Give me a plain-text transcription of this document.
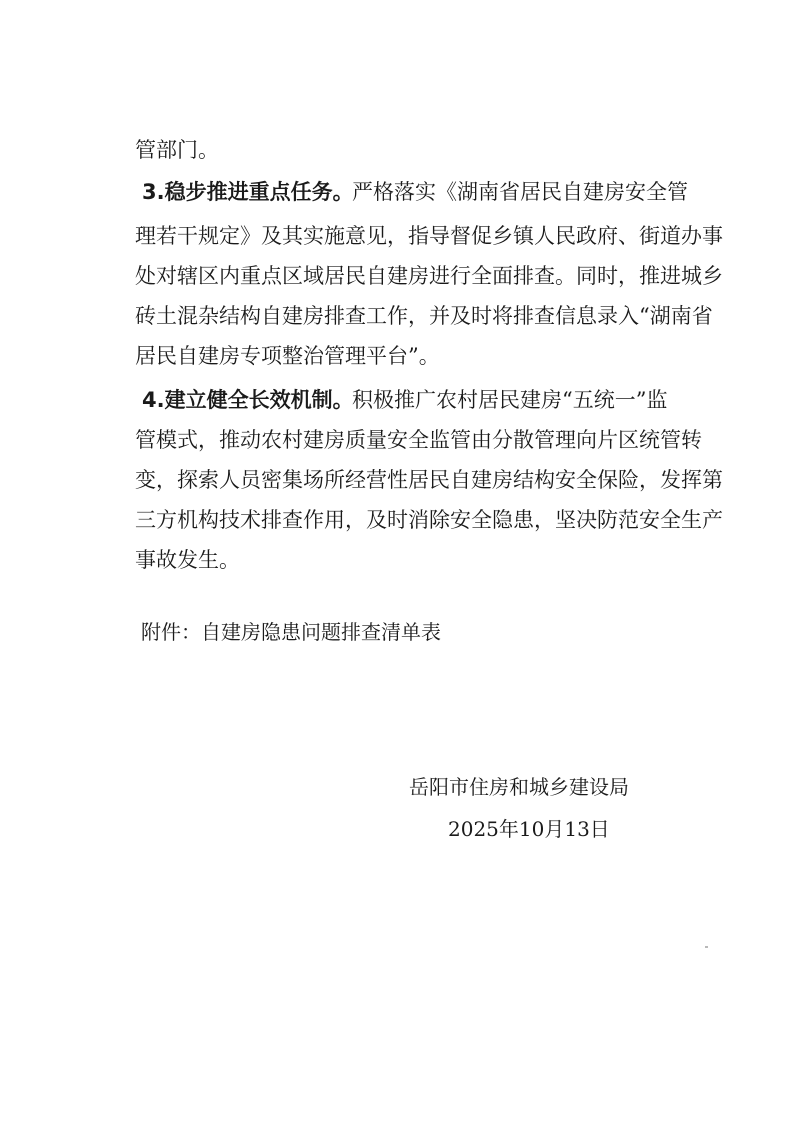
管部门。
3.稳步推进重点任务。
严格落实《湖南省居民自建房安全管
理若干规定》及其实施意见，指导督促乡镇人民政府、街道办事
处对辖区内重点区域居民自建房进行全面排查。同时，推进城乡
砖土混杂结构自建房排查工作，并及时将排查信息录入“湖南省
居民自建房专项整治管理平台”。
4.建立健全长效机制。
积极推广农村居民建房“五统一”监
管模式，推动农村建房质量安全监管由分散管理向片区统管转
变，探索人员密集场所经营性居民自建房结构安全保险，发挥第
三方机构技术排查作用，及时消除安全隐患，坚决防范安全生产
事故发生。
附件：自建房隐患问题排查清单表
岳阳市住房和城乡建设局
2025年10月13日
